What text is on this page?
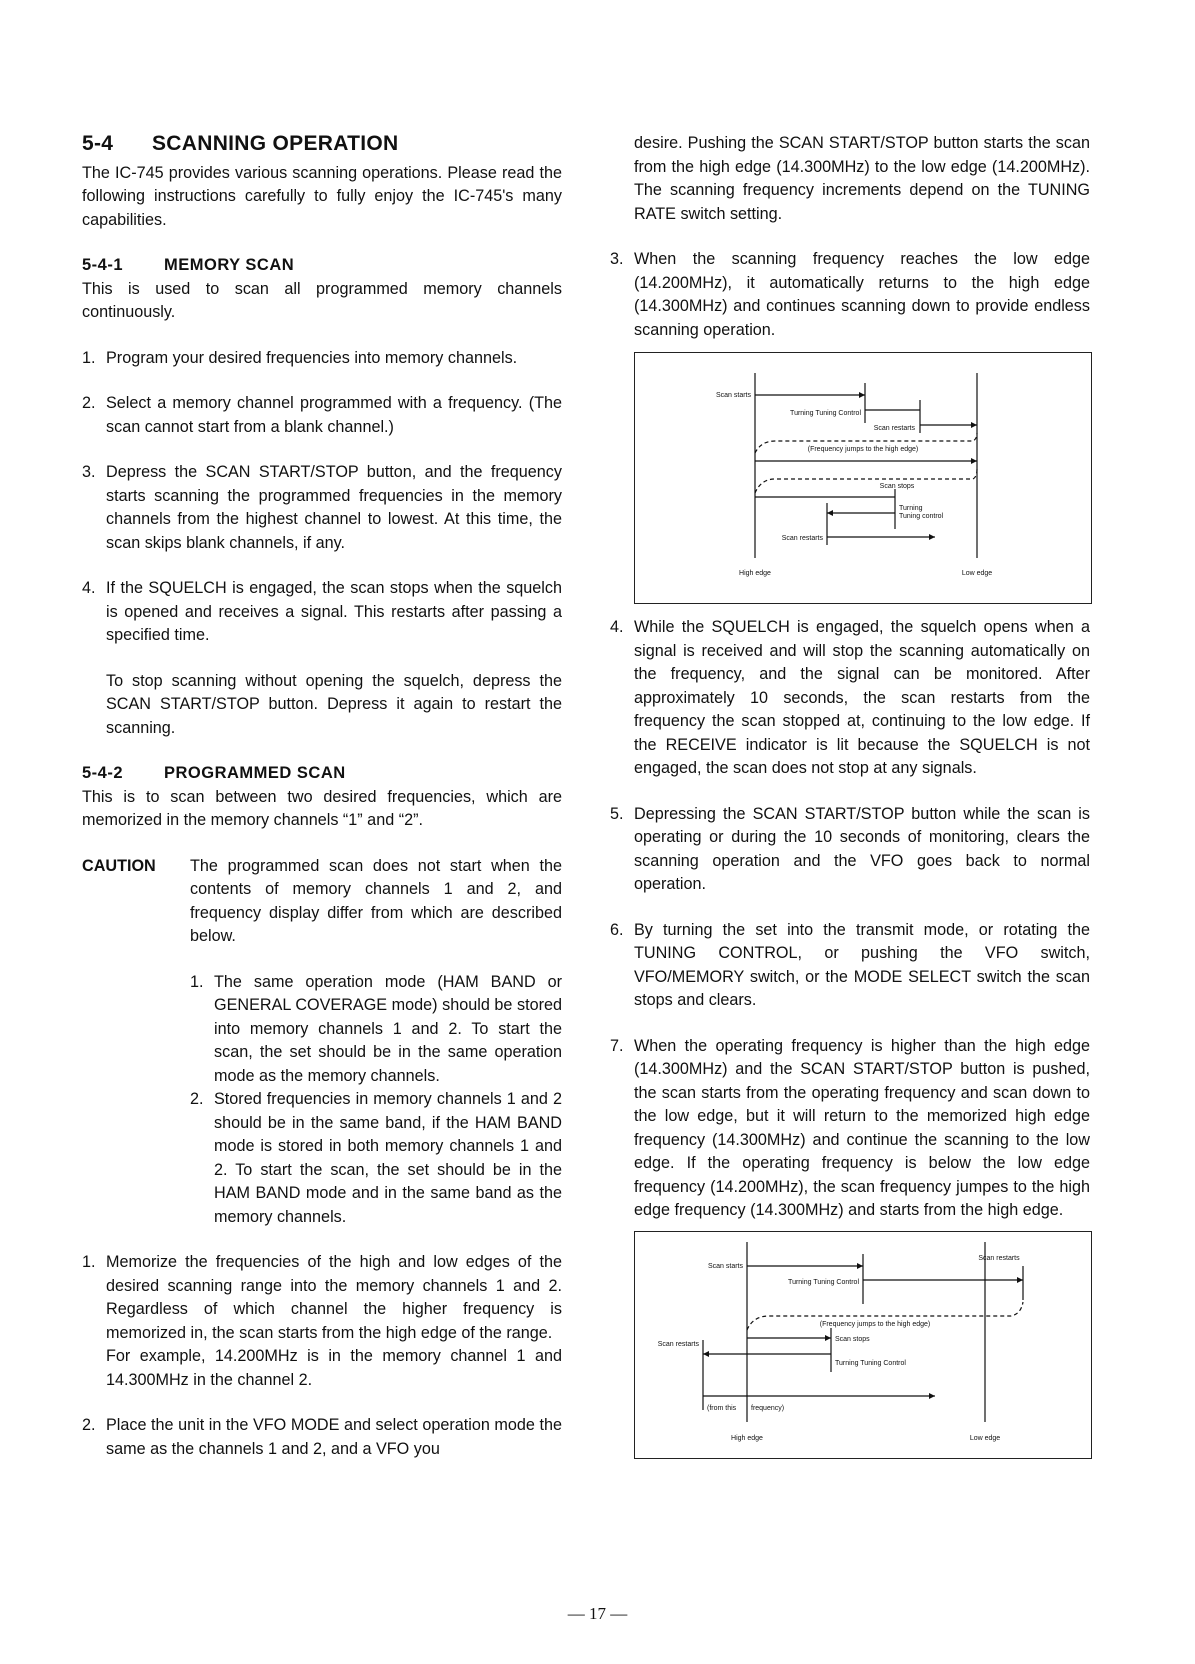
5-4 SCANNING OPERATION

The IC-745 provides various scanning operations. Please read the following instructions carefully to fully enjoy the IC-745's many capabilities.

5-4-1 MEMORY SCAN

This is used to scan all programmed memory channels continuously.

1. Program your desired frequencies into memory channels.
2. Select a memory channel programmed with a frequency. (The scan cannot start from a blank channel.)
3. Depress the SCAN START/STOP button, and the frequency starts scanning the programmed frequencies in the memory channels from the highest channel to lowest. At this time, the scan skips blank channels, if any.
4. If the SQUELCH is engaged, the scan stops when the squelch is opened and receives a signal. This restarts after passing a specified time.

To stop scanning without opening the squelch, depress the SCAN START/STOP button. Depress it again to restart the scanning.

5-4-2 PROGRAMMED SCAN

This is to scan between two desired frequencies, which are memorized in the memory channels “1” and “2”.

CAUTION The programmed scan does not start when the contents of memory channels 1 and 2, and frequency display differ from which are described below.

1. The same operation mode (HAM BAND or GENERAL COVERAGE mode) should be stored into memory channels 1 and 2. To start the scan, the set should be in the same operation mode as the memory channels.
2. Stored frequencies in memory channels 1 and 2 should be in the same band, if the HAM BAND mode is stored in both memory channels 1 and 2. To start the scan, the set should be in the HAM BAND mode and in the same band as the memory channels.
1. Memorize the frequencies of the high and low edges of the desired scanning range into the memory channels 1 and 2. Regardless of which channel the higher frequency is memorized in, the scan starts from the high edge of the range.
For example, 14.200MHz is in the memory channel 1 and 14.300MHz in the channel 2.
2. Place the unit in the VFO MODE and select operation mode the same as the channels 1 and 2, and a VFO you

desire. Pushing the SCAN START/STOP button starts the scan from the high edge (14.300MHz) to the low edge (14.200MHz). The scanning frequency increments depend on the TUNING RATE switch setting.

3. When the scanning frequency reaches the low edge (14.200MHz), it automatically returns to the high edge (14.300MHz) and continues scanning down to provide endless scanning operation.
Scan starts
Turning Tuning Control
Scan restarts
(Frequency jumps to the high edge)
Scan stops
Turning
Tuning control
Scan restarts
High edge	Low edge
4. While the SQUELCH is engaged, the squelch opens when a signal is received and will stop the scanning automatically on the frequency, and the signal can be monitored. After approximately 10 seconds, the scan restarts from the frequency the scan stopped at, continuing to the low edge. If the RECEIVE indicator is lit because the SQUELCH is not engaged, the scan does not stop at any signals.
5. Depressing the SCAN START/STOP button while the scan is operating or during the 10 seconds of monitoring, clears the scanning operation and the VFO goes back to normal operation.
6. By turning the set into the transmit mode, or rotating the TUNING CONTROL, or pushing the VFO switch, VFO/MEMORY switch, or the MODE SELECT switch the scan stops and clears.
7. When the operating frequency is higher than the high edge (14.300MHz) and the SCAN START/STOP button is pushed, the scan starts from the operating frequency and scan down to the low edge, but it will return to the memorized high edge frequency (14.300MHz) and continue the scanning to the low edge. If the operating frequency is below the low edge frequency (14.200MHz), the scan frequency jumpes to the high edge frequency (14.300MHz) and starts from the high edge.
Scan starts
Scan restarts
Turning Tuning Control
(Frequency jumps to the high edge)
Scan restarts
Scan stops
Turning Tuning Control
(from this frequency)
High edge	Low edge
— 17 —
